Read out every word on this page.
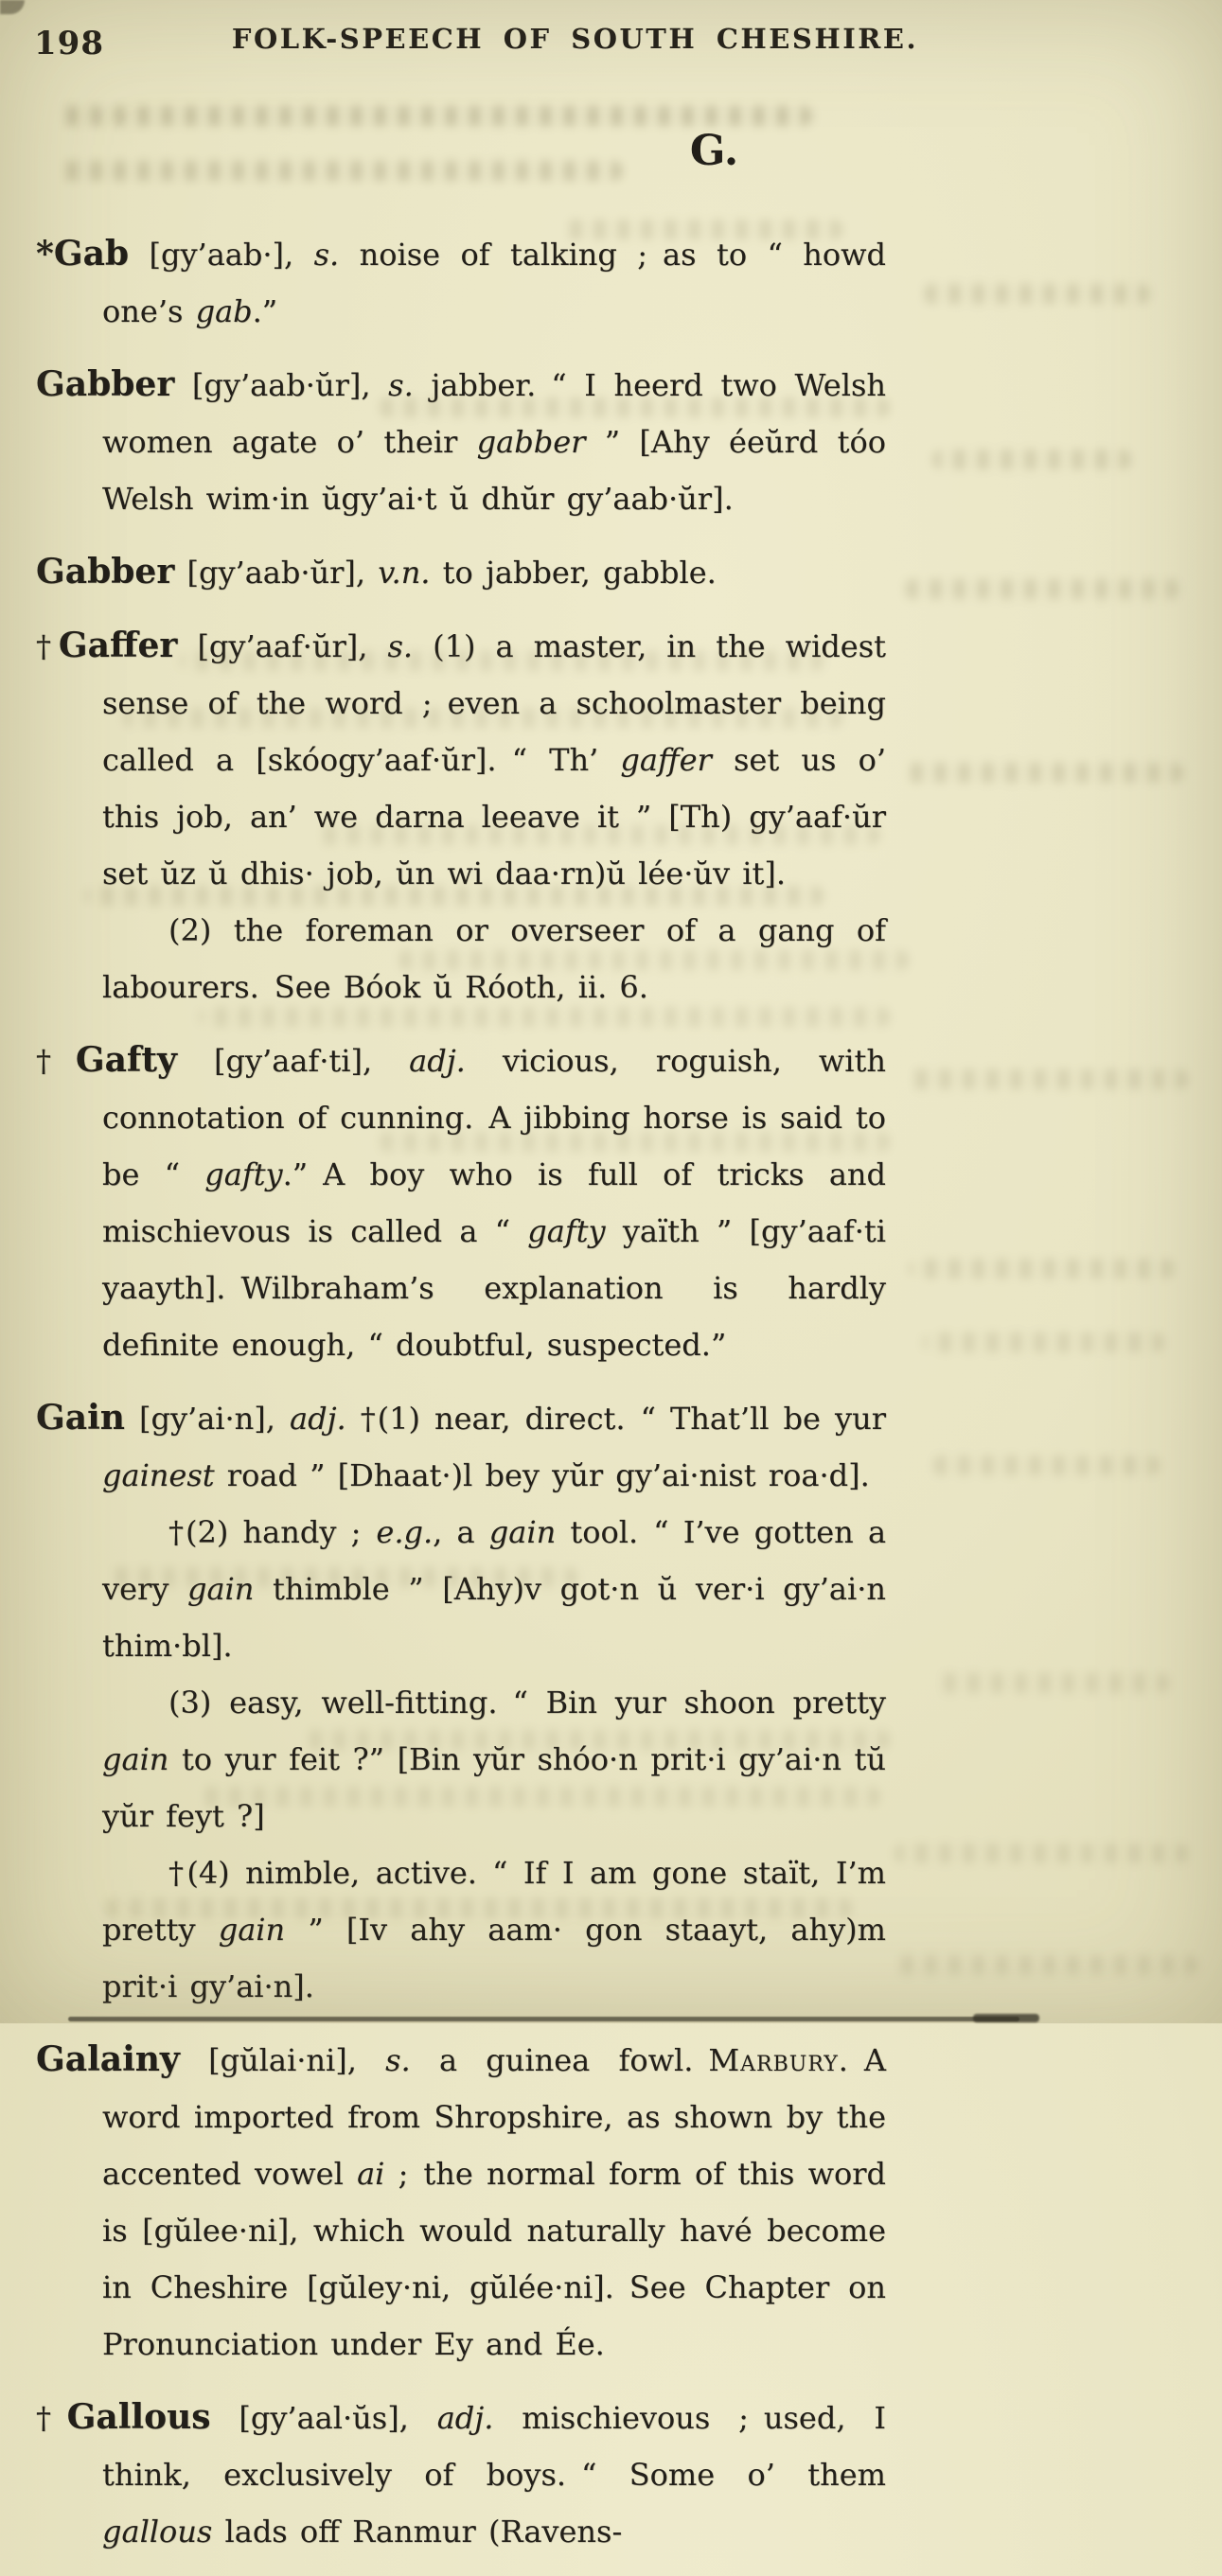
198	FOLK-SPEECH OF SOUTH CHESHIRE.
G.

*Gab [gy’aab·], s. noise of talking ; as to “ howd one’s gab.”

Gabber [gy’aab·ŭr], s. jabber. “ I heerd two Welsh women agate o’ their gabber ” [Ahy éeŭrd tóo Welsh wim·in ŭgy’ai·t ŭ dhŭr gy’aab·ŭr].

Gabber [gy’aab·ŭr], v.n. to jabber, gabble.

†Gaffer [gy’aaf·ŭr], s. (1) a master, in the widest sense of the word ; even a schoolmaster being called a [skóogy’aaf·ŭr]. “ Th’ gaffer set us o’ this job, an’ we darna leeave it ” [Th) gy’aaf·ŭr set ŭz ŭ dhis· job, ŭn wi daa·rn)ŭ lée·ŭv it].

(2) the foreman or overseer of a gang of labourers. See Bóok ŭ Róoth, ii. 6.

†Gafty [gy’aaf·ti], adj. vicious, roguish, with connotation of cunning. A jibbing horse is said to be “ gafty.” A boy who is full of tricks and mischievous is called a “ gafty yaïth ” [gy’aaf·ti yaayth]. Wilbraham’s explanation is hardly definite enough, “ doubtful, suspected.”

Gain [gy’ai·n], adj. †(1) near, direct. “ That’ll be yur gainest road ” [Dhaat·)l bey yŭr gy’ai·nist roa·d].

†(2) handy ; e.g., a gain tool. “ I’ve gotten a very gain thimble ” [Ahy)v got·n ŭ ver·i gy’ai·n thim·bl].

(3) easy, well-fitting. “ Bin yur shoon pretty gain to yur feit ?” [Bin yŭr shóo·n prit·i gy’ai·n tŭ yŭr feyt ?]

†(4) nimble, active. “ If I am gone staït, I’m pretty gain ” [Iv ahy aam· gon staayt, ahy)m prit·i gy’ai·n].

Galainy [gŭlai·ni], s. a guinea fowl. Marbury. A word imported from Shropshire, as shown by the accented vowel ai ; the normal form of this word is [gŭlee·ni], which would naturally havé become in Cheshire [gŭley·ni, gŭlée·ni]. See Chapter on Pronunciation under Ey and Ée.

†Gallous [gy’aal·ŭs], adj. mischievous ; used, I think, exclusively of boys. “ Some o’ them gallous lads off Ranmur (Ravens-
